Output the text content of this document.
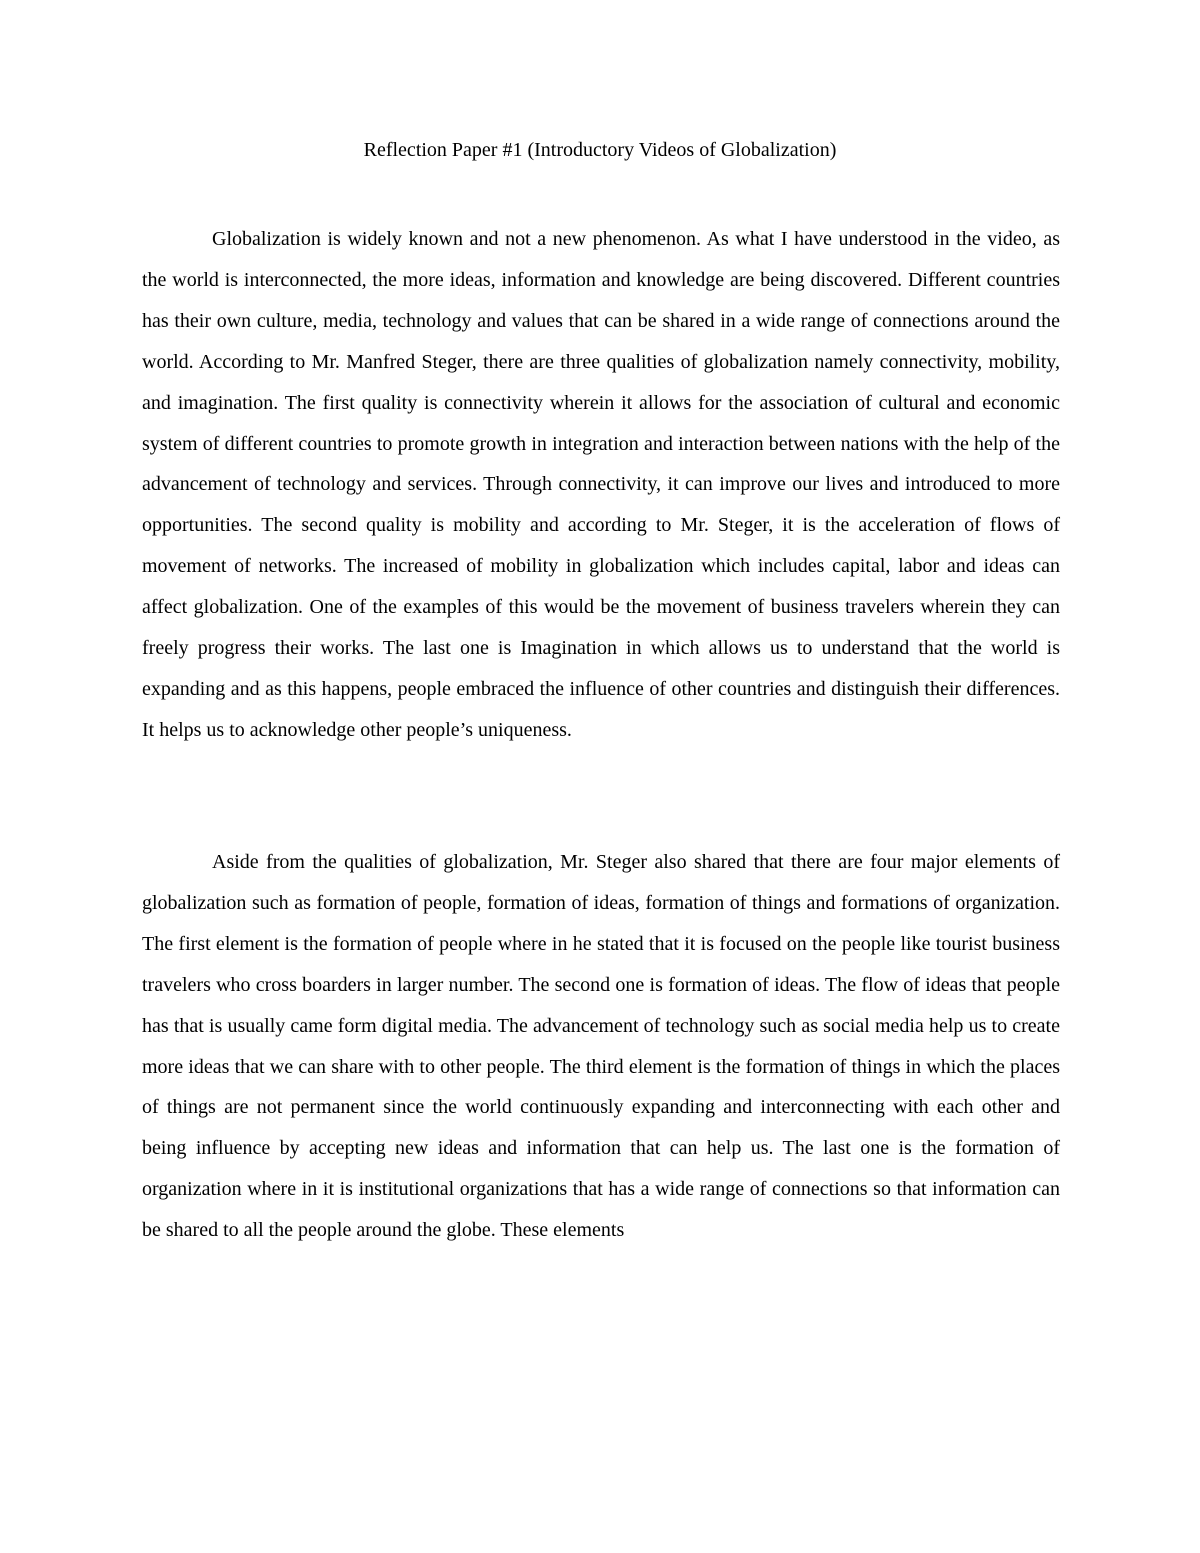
Reflection Paper #1 (Introductory Videos of Globalization)

Globalization is widely known and not a new phenomenon. As what I have understood in the video, as the world is interconnected, the more ideas, information and knowledge are being discovered. Different countries has their own culture, media, technology and values that can be shared in a wide range of connections around the world. According to Mr. Manfred Steger, there are three qualities of globalization namely connectivity, mobility, and imagination. The first quality is connectivity wherein it allows for the association of cultural and economic system of different countries to promote growth in integration and interaction between nations with the help of the advancement of technology and services. Through connectivity, it can improve our lives and introduced to more opportunities. The second quality is mobility and according to Mr. Steger, it is the acceleration of flows of movement of networks. The increased of mobility in globalization which includes capital, labor and ideas can affect globalization. One of the examples of this would be the movement of business travelers wherein they can freely progress their works. The last one is Imagination in which allows us to understand that the world is expanding and as this happens, people embraced the influence of other countries and distinguish their differences. It helps us to acknowledge other people’s uniqueness.

Aside from the qualities of globalization, Mr. Steger also shared that there are four major elements of globalization such as formation of people, formation of ideas, formation of things and formations of organization. The first element is the formation of people where in he stated that it is focused on the people like tourist business travelers who cross boarders in larger number. The second one is formation of ideas. The flow of ideas that people has that is usually came form digital media. The advancement of technology such as social media help us to create more ideas that we can share with to other people. The third element is the formation of things in which the places of things are not permanent since the world continuously expanding and interconnecting with each other and being influence by accepting new ideas and information that can help us. The last one is the formation of organization where in it is institutional organizations that has a wide range of connections so that information can be shared to all the people around the globe. These elements
